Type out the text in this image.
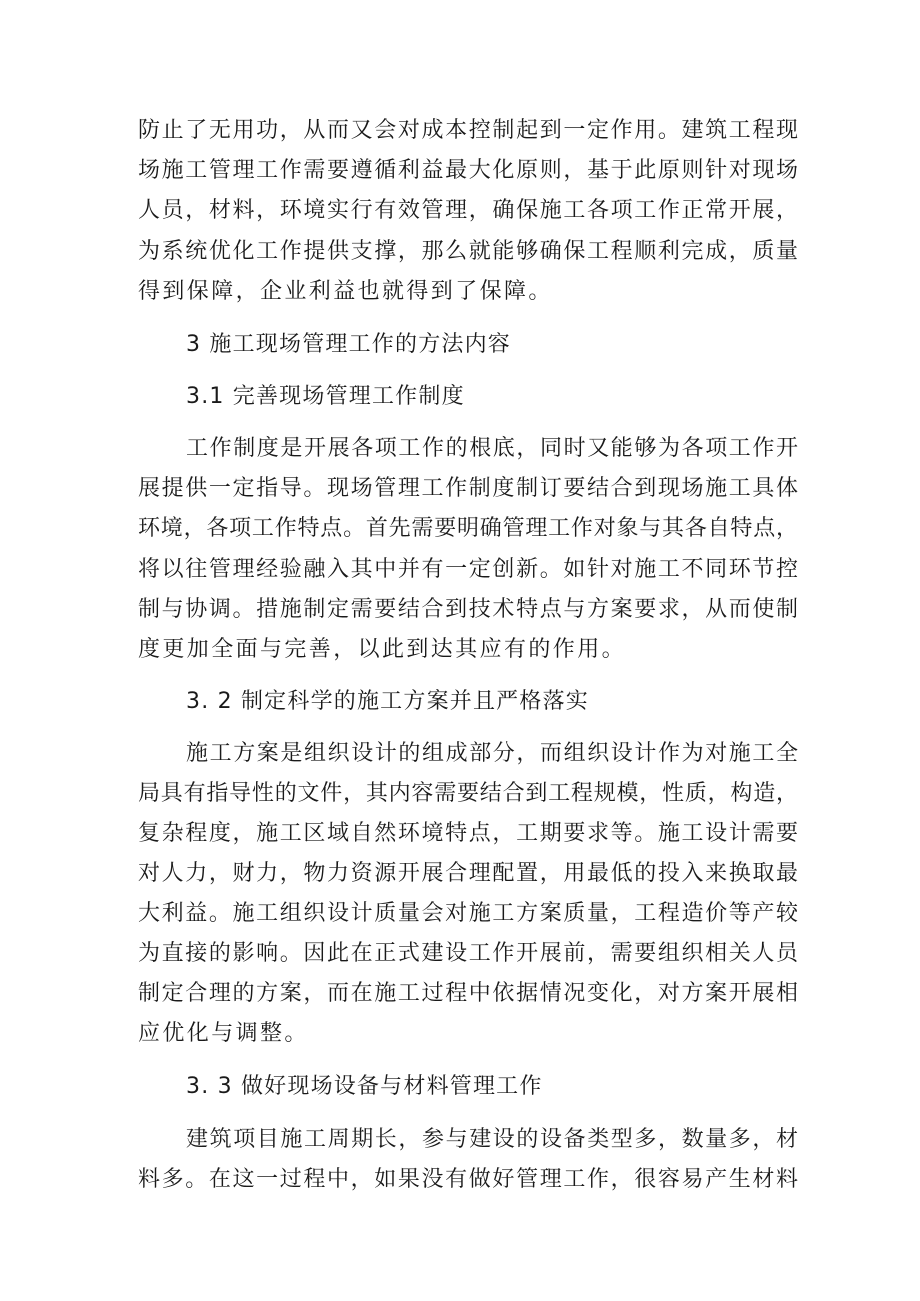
防止了无用功，从而又会对成本控制起到一定作用。建筑工程现
场施工管理工作需要遵循利益最大化原则，基于此原则针对现场
人员，材料，环境实行有效管理，确保施工各项工作正常开展，
为系统优化工作提供支撑，那么就能够确保工程顺利完成，质量
得到保障，企业利益也就得到了保障。
3 施工现场管理工作的方法内容
3.1 完善现场管理工作制度
工作制度是开展各项工作的根底，同时又能够为各项工作开
展提供一定指导。现场管理工作制度制订要结合到现场施工具体
环境，各项工作特点。首先需要明确管理工作对象与其各自特点，
将以往管理经验融入其中并有一定创新。如针对施工不同环节控
制与协调。措施制定需要结合到技术特点与方案要求，从而使制
度更加全面与完善，以此到达其应有的作用。
3. 2 制定科学的施工方案并且严格落实
施工方案是组织设计的组成部分，而组织设计作为对施工全
局具有指导性的文件，其内容需要结合到工程规模，性质，构造，
复杂程度，施工区域自然环境特点，工期要求等。施工设计需要
对人力，财力，物力资源开展合理配置，用最低的投入来换取最
大利益。施工组织设计质量会对施工方案质量，工程造价等产较
为直接的影响。因此在正式建设工作开展前，需要组织相关人员
制定合理的方案，而在施工过程中依据情况变化，对方案开展相
应优化与调整。
3. 3 做好现场设备与材料管理工作
建筑项目施工周期长，参与建设的设备类型多，数量多，材
料多。在这一过程中，如果没有做好管理工作，很容易产生材料
